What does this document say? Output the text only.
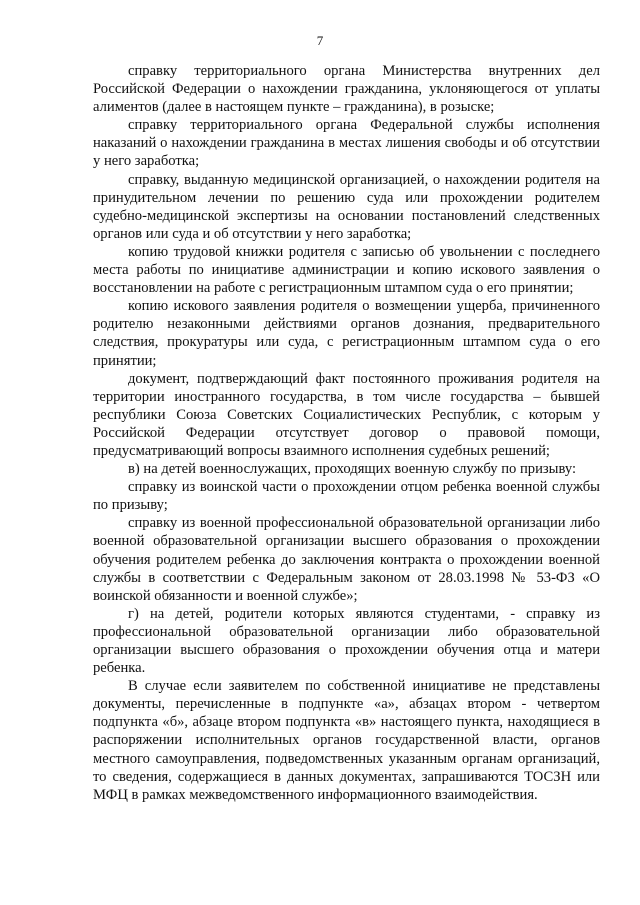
7

справку территориального органа Министерства внутренних дел Российской Федерации о нахождении гражданина, уклоняющегося от уплаты алиментов (далее в настоящем пункте – гражданина), в розыске;

справку территориального органа Федеральной службы исполнения наказаний о нахождении гражданина в местах лишения свободы и об отсутствии у него заработка;

справку, выданную медицинской организацией, о нахождении родителя на принудительном лечении по решению суда или прохождении родителем судебно-медицинской экспертизы на основании постановлений следственных органов или суда и об отсутствии у него заработка;

копию трудовой книжки родителя с записью об увольнении с последнего места работы по инициативе администрации и копию искового заявления о восстановлении на работе с регистрационным штампом суда о его принятии;

копию искового заявления родителя о возмещении ущерба, причиненного родителю незаконными действиями органов дознания, предварительного следствия, прокуратуры или суда, с регистрационным штампом суда о его принятии;

документ, подтверждающий факт постоянного проживания родителя на территории иностранного государства, в том числе государства – бывшей республики Союза Советских Социалистических Республик, с которым у Российской Федерации отсутствует договор о правовой помощи, предусматривающий вопросы взаимного исполнения судебных решений;

в) на детей военнослужащих, проходящих военную службу по призыву:

справку из воинской части о прохождении отцом ребенка военной службы по призыву;

справку из военной профессиональной образовательной организации либо военной образовательной организации высшего образования о прохождении обучения родителем ребенка до заключения контракта о прохождении военной службы в соответствии с Федеральным законом от 28.03.1998 № 53-ФЗ «О воинской обязанности и военной службе»;

г) на детей, родители которых являются студентами, - справку из профессиональной образовательной организации либо образовательной организации высшего образования о прохождении обучения отца и матери ребенка.

В случае если заявителем по собственной инициативе не представлены документы, перечисленные в подпункте «а», абзацах втором - четвертом подпункта «б», абзаце втором подпункта «в» настоящего пункта, находящиеся в распоряжении исполнительных органов государственной власти, органов местного самоуправления, подведомственных указанным органам организаций, то сведения, содержащиеся в данных документах, запрашиваются ТОСЗН или МФЦ в рамках межведомственного информационного взаимодействия.
